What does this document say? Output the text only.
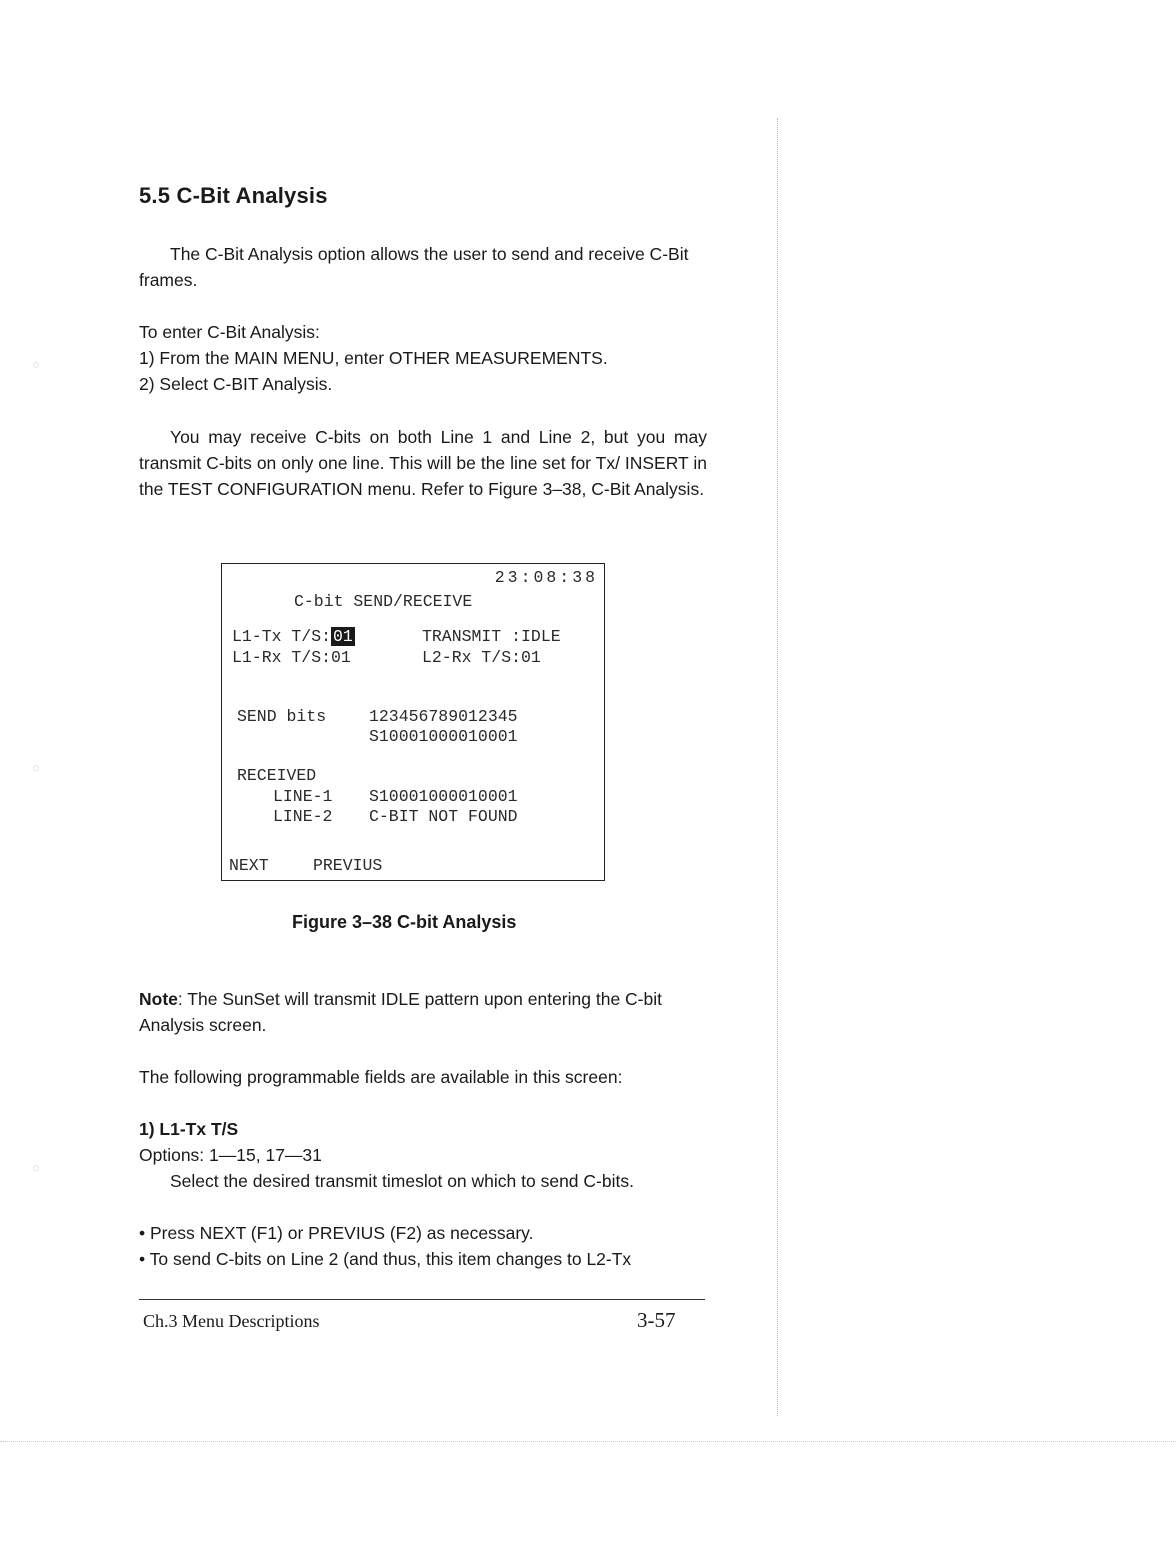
5.5 C-Bit Analysis
The C-Bit Analysis option allows the user to send and receive C-Bit frames.
To enter C-Bit Analysis:
1) From the MAIN MENU, enter OTHER MEASUREMENTS.
2) Select C-BIT Analysis.
You may receive C-bits on both Line 1 and Line 2, but you may transmit C-bits on only one line. This will be the line set for Tx/ INSERT in the TEST CONFIGURATION menu. Refer to Figure 3–38, C-Bit Analysis.
23:08:38
C-bit SEND/RECEIVE
L1-Tx T/S: 01	TRANSMIT :IDLE
L1-Rx T/S:01	L2-Rx T/S:01
SEND bits	123456789012345
S10001000010001
RECEIVED
LINE-1 S10001000010001
LINE-2 C-BIT NOT FOUND
NEXT	PREVIUS
Figure 3–38 C-bit Analysis
Note: The SunSet will transmit IDLE pattern upon entering the C-bit Analysis screen.
The following programmable fields are available in this screen:
1) L1-Tx T/S
Options: 1—15, 17—31
Select the desired transmit timeslot on which to send C-bits.
• Press NEXT (F1) or PREVIUS (F2) as necessary.
• To send C-bits on Line 2 (and thus, this item changes to L2-Tx
Ch.3 Menu Descriptions	3-57
